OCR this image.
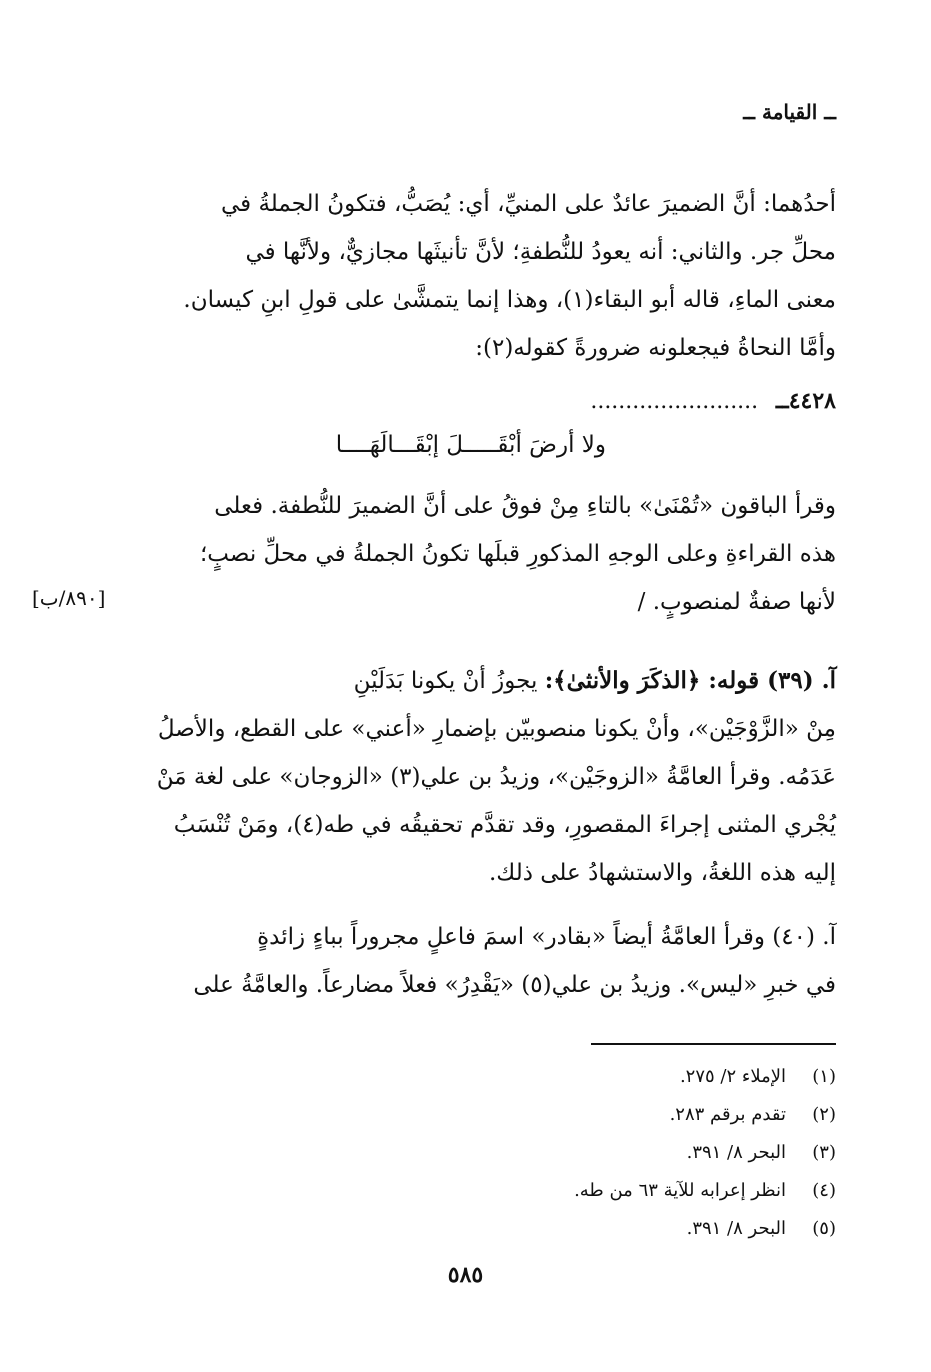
ــ القيامة ــ
أحدُهما: أنَّ الضميرَ عائدٌ على المنيِّ، أي: يُصَبُّ، فتكونُ الجملةُ في
محلِّ جر. والثاني: أنه يعودُ للنُّطفةِ؛ لأنَّ تأنيثَها مجازيٌّ، ولأنَّها في
معنى الماءِ، قاله أبو البقاء(١)، وهذا إنما يتمشَّىٰ على قولِ ابنِ كيسان.
وأمَّا النحاةُ فيجعلونه ضرورةً كقوله(٢):
٤٤٢٨ــ ........................
ولا أرضَ أبْقَـــــلَ إبْقَـــالَهَــــا
وقرأ الباقون «تُمْنَىٰ» بالتاءِ مِنْ فوقُ على أنَّ الضميرَ للنُّطفة. فعلى
هذه القراءةِ وعلى الوجهِ المذكورِ قبلَها تكونُ الجملةُ في محلِّ نصبٍ؛
لأنها صفةٌ لمنصوبٍ. /
[٨٩٠/ب]
آ. (٣٩) قوله: ﴿الذكَرَ والأنثىٰ﴾: يجوزُ أنْ يكونا بَدَلَيْنِ
مِنْ «الزَّوْجَيْن»، وأنْ يكونا منصوبيّن بإضمارِ «أعني» على القطع، والأصلُ
عَدَمُه. وقرأ العامَّةُ «الزوجَيْن»، وزيدُ بن علي(٣) «الزوجان» على لغة مَنْ
يُجْري المثنى إجراءَ المقصورِ، وقد تقدَّم تحقيقُه في طه(٤)، ومَنْ تُنْسَبُ
إليه هذه اللغةُ، والاستشهادُ على ذلك.
آ. (٤٠) وقرأ العامَّةُ أيضاً «بقادر» اسمَ فاعلٍ مجروراً بباءٍ زائدةٍ
في خبرِ «ليس». وزيدُ بن علي(٥) «يَقْدِرُ» فعلاً مضارعاً. والعامَّةُ على
(١)الإملاء ٢/ ٢٧٥.
(٢)تقدم برقم ٢٨٣.
(٣)البحر ٨/ ٣٩١.
(٤)انظر إعرابه للآية ٦٣ من طه.
(٥)البحر ٨/ ٣٩١.
٥٨٥
